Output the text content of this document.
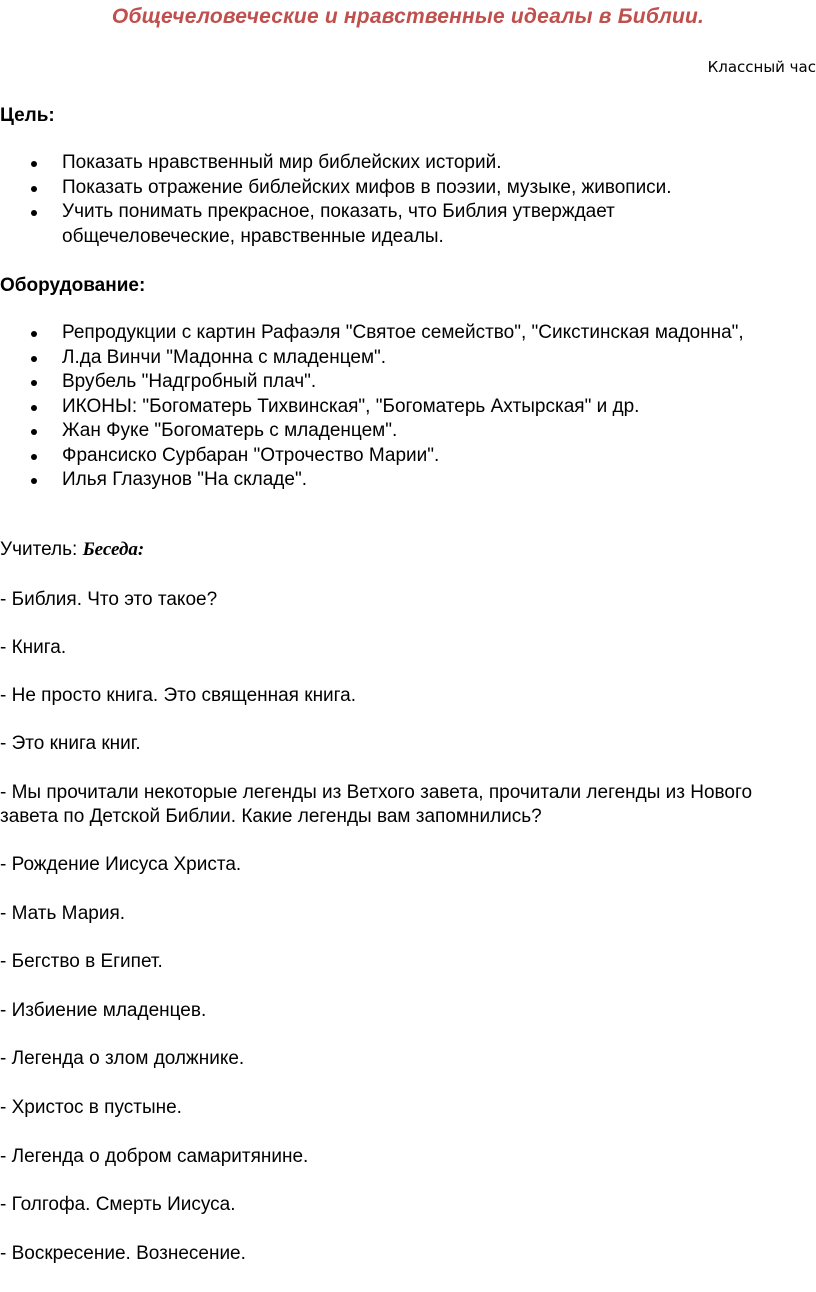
Общечеловеческие и нравственные идеалы в Библии.
Классный час
Цель:
Показать нравственный мир библейских историй.
Показать отражение библейских мифов в поэзии, музыке, живописи.
Учить понимать прекрасное, показать, что Библия утверждает общечеловеческие, нравственные идеалы.
Оборудование:
Репродукции с картин Рафаэля "Святое семейство", "Сикстинская мадонна",
Л.да Винчи "Мадонна с младенцем".
Врубель "Надгробный плач".
ИКОНЫ: "Богоматерь Тихвинская", "Богоматерь Ахтырская" и др.
Жан Фуке "Богоматерь с младенцем".
Франсиско Сурбаран "Отрочество Марии".
Илья Глазунов "На складе".
Учитель: Беседа:
- Библия. Что это такое?
- Книга.
- Не просто книга. Это священная книга.
- Это книга книг.
- Мы прочитали некоторые легенды из Ветхого завета, прочитали легенды из Нового завета по Детской Библии. Какие легенды вам запомнились?
- Рождение Иисуса Христа.
- Мать Мария.
- Бегство в Египет.
- Избиение младенцев.
- Легенда о злом должнике.
- Христос в пустыне.
- Легенда о добром самаритянине.
- Голгофа. Смерть Иисуса.
- Воскресение. Вознесение.
